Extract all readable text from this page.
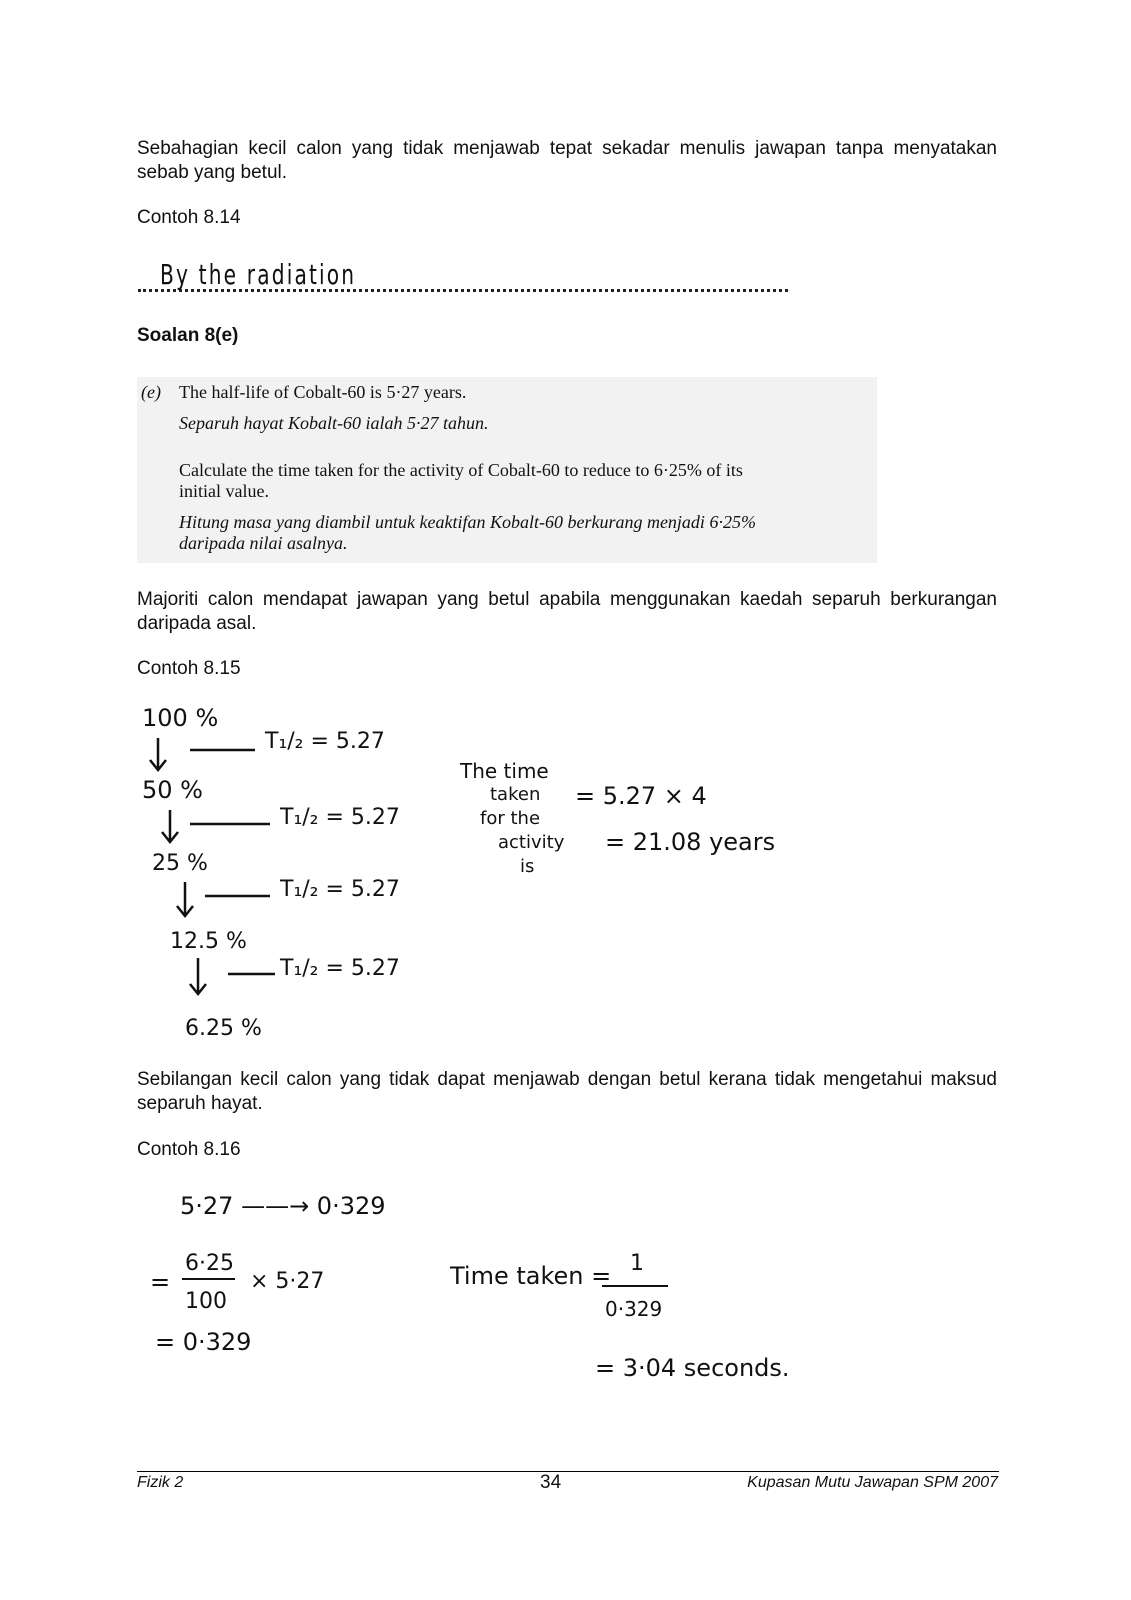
Sebahagian kecil calon yang tidak menjawab tepat sekadar menulis jawapan tanpa menyatakan sebab yang betul.
Contoh 8.14
By the radiation
Soalan 8(e)
(e) The half-life of Cobalt-60 is 5·27 years.
Separuh hayat Kobalt-60 ialah 5·27 tahun.
Calculate the time taken for the activity of Cobalt-60 to reduce to 6·25% of its
initial value.
Hitung masa yang diambil untuk keaktifan Kobalt-60 berkurang menjadi 6·25%
daripada nilai asalnya.
Majoriti calon mendapat jawapan yang betul apabila menggunakan kaedah separuh berkurangan daripada asal.
Contoh 8.15
100 %
50 %
25 %
12.5 %
6.25 %
T₁/₂ = 5.27
T₁/₂ = 5.27
T₁/₂ = 5.27
T₁/₂ = 5.27
The time
taken
for the
activity
is
= 5.27 × 4
= 21.08 years
Sebilangan kecil calon yang tidak dapat menjawab dengan betul kerana tidak mengetahui maksud separuh hayat.
Contoh 8.16
5·27 ——→ 0·329
=
6·25
100
× 5·27
= 0·329
Time taken = 1
0·329
= 3·04 seconds.
Fizik 2	34	Kupasan Mutu Jawapan SPM 2007
